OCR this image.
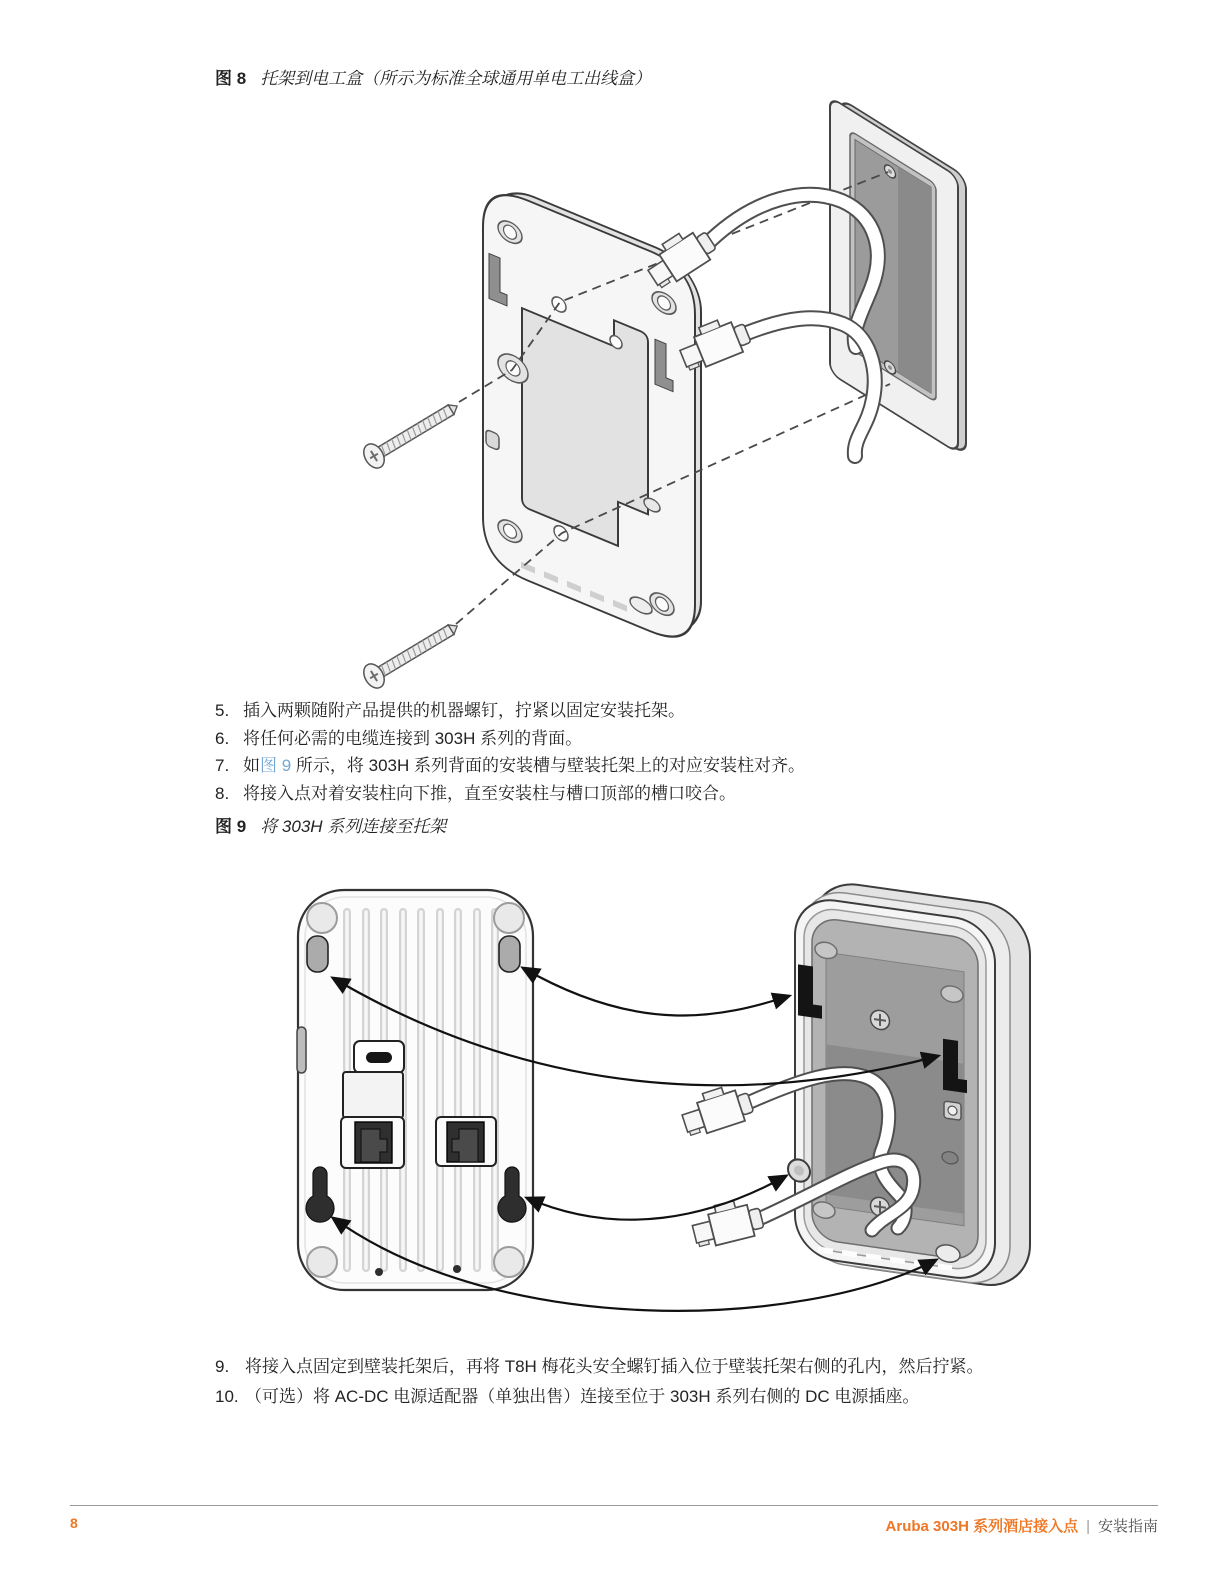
图 8 托架到电工盒（所示为标准全球通用单电工出线盒）
5. 插入两颗随附产品提供的机器螺钉，拧紧以固定安装托架。
6. 将任何必需的电缆连接到 303H 系列的背面。
7. 如图 9 所示，将 303H 系列背面的安装槽与壁装托架上的对应安装柱对齐。
8. 将接入点对着安装柱向下推，直至安装柱与槽口顶部的槽口咬合。
图 9 将 303H 系列连接至托架
9. 将接入点固定到壁装托架后，再将 T8H 梅花头安全螺钉插入位于壁装托架右侧的孔内，然后拧紧。
10. （可选）将 AC-DC 电源适配器（单独出售）连接至位于 303H 系列右侧的 DC 电源插座。
8	Aruba 303H 系列酒店接入点 | 安装指南
